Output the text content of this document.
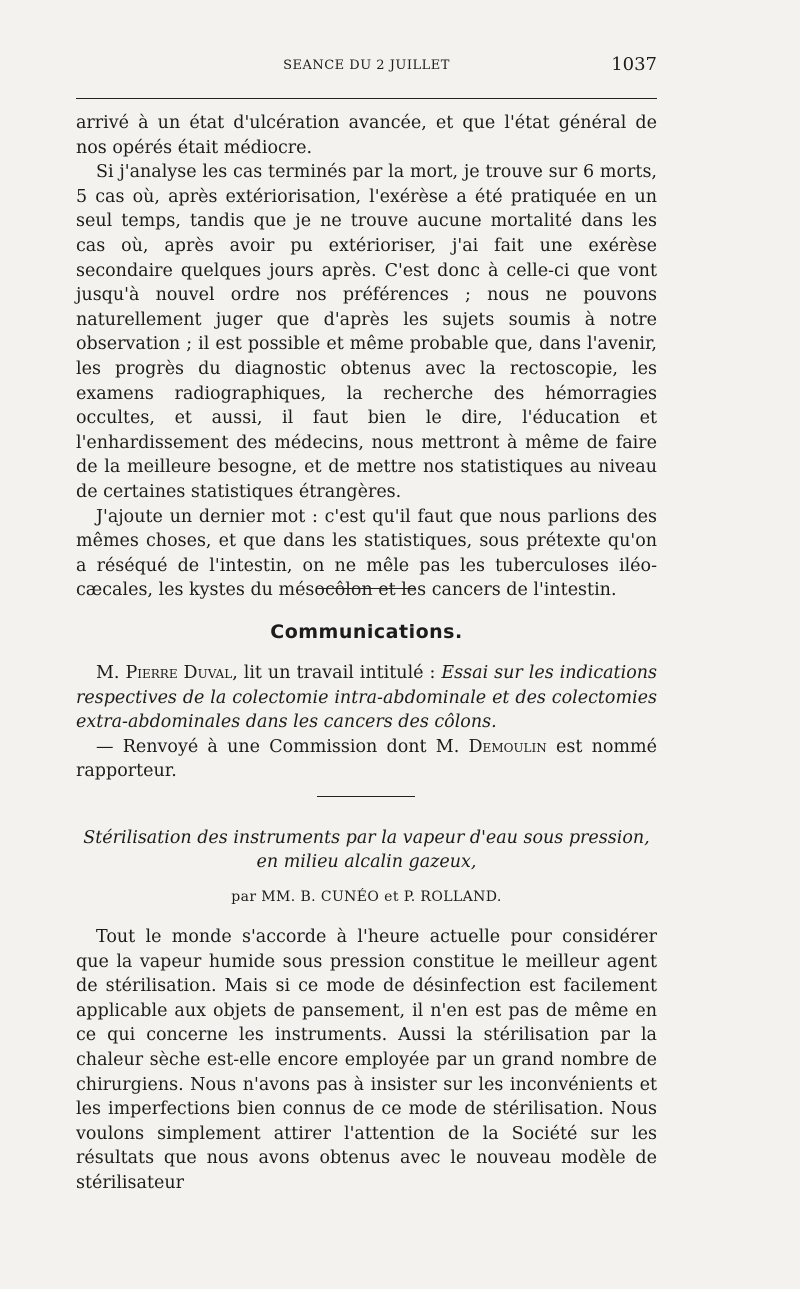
SEANCE DU 2 JUILLET	1037

arrivé à un état d'ulcération avancée, et que l'état général de nos opérés était médiocre.

Si j'analyse les cas terminés par la mort, je trouve sur 6 morts, 5 cas où, après extériorisation, l'exérèse a été pratiquée en un seul temps, tandis que je ne trouve aucune mortalité dans les cas où, après avoir pu extérioriser, j'ai fait une exérèse secondaire quelques jours après. C'est donc à celle-ci que vont jusqu'à nouvel ordre nos préférences ; nous ne pouvons naturellement juger que d'après les sujets soumis à notre observation ; il est possible et même probable que, dans l'avenir, les progrès du diagnostic obtenus avec la rectoscopie, les examens radiographiques, la recherche des hémorragies occultes, et aussi, il faut bien le dire, l'éducation et l'enhardissement des médecins, nous mettront à même de faire de la meilleure besogne, et de mettre nos statistiques au niveau de certaines statistiques étrangères.

J'ajoute un dernier mot : c'est qu'il faut que nous parlions des mêmes choses, et que dans les statistiques, sous prétexte qu'on a réséqué de l'intestin, on ne mêle pas les tuberculoses iléo-cæcales, les kystes du mésocôlon et les cancers de l'intestin.

Communications.

M. Pierre Duval, lit un travail intitulé : Essai sur les indications respectives de la colectomie intra-abdominale et des colectomies extra-abdominales dans les cancers des côlons.

— Renvoyé à une Commission dont M. Demoulin est nommé rapporteur.

Stérilisation des instruments par la vapeur d'eau sous pression,
en milieu alcalin gazeux,
par MM. B. CUNÉO et P. ROLLAND.

Tout le monde s'accorde à l'heure actuelle pour considérer que la vapeur humide sous pression constitue le meilleur agent de stérilisation. Mais si ce mode de désinfection est facilement applicable aux objets de pansement, il n'en est pas de même en ce qui concerne les instruments. Aussi la stérilisation par la chaleur sèche est-elle encore employée par un grand nombre de chirurgiens. Nous n'avons pas à insister sur les inconvénients et les imperfections bien connus de ce mode de stérilisation. Nous voulons simplement attirer l'attention de la Société sur les résultats que nous avons obtenus avec le nouveau modèle de stérilisateur
